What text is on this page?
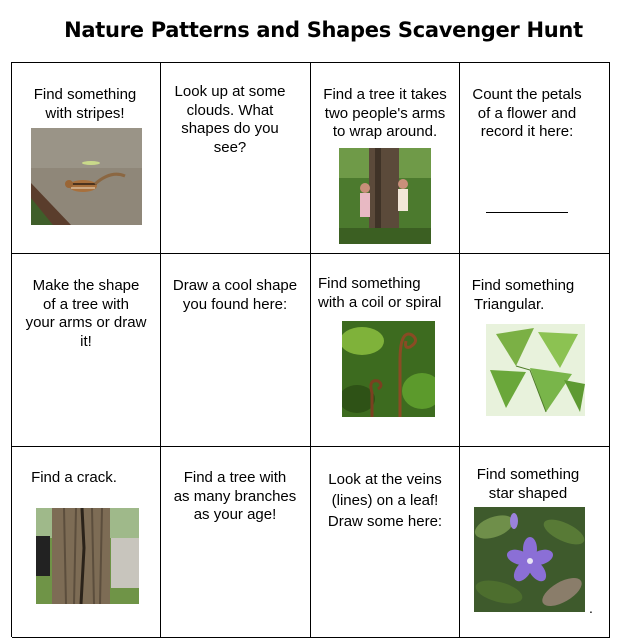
Nature Patterns and Shapes Scavenger Hunt
Find something
with stripes!
Look up at some
clouds. What
shapes do you
see?
Find a tree it takes
two people's arms
to wrap around.
Count the petals
of a flower and
record it here:
Make the shape
of a tree with
your arms or draw
it!
Draw a cool shape
you found here:
Find something
with a coil or spiral
Find something
Triangular.
Find a crack.	Find a tree with
as many branches
as your age!
Look at the veins
(lines) on a leaf!
Draw some here:
Find something
star shaped
.
